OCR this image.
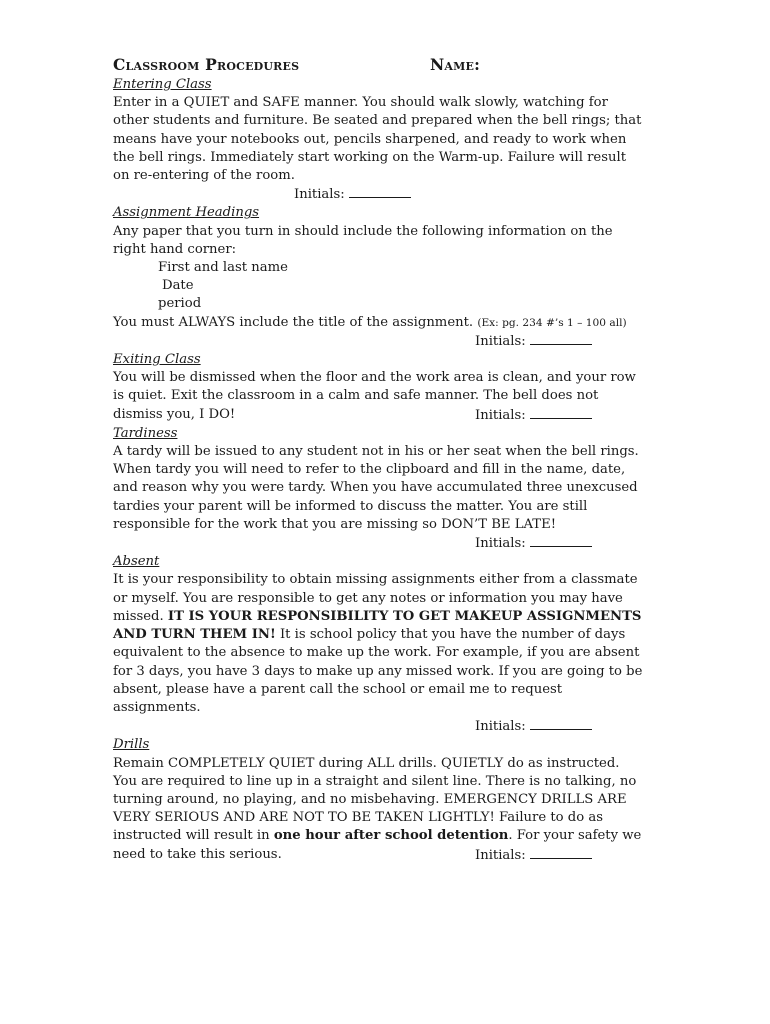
Classroom Procedures	Name:
Entering Class

Enter in a QUIET and SAFE manner. You should walk slowly, watching for other students and furniture. Be seated and prepared when the bell rings; that means have your notebooks out, pencils sharpened, and ready to work when the bell rings. Immediately start working on the Warm-up. Failure will result on re-entering of the room.

Initials:
Assignment Headings

Any paper that you turn in should include the following information on the right hand corner:

First and last name
Date
period

You must ALWAYS include the title of the assignment. (Ex: pg. 234 #’s 1 – 100 all)

Initials:
Exiting Class

You will be dismissed when the floor and the work area is clean, and your row is quiet. Exit the classroom in a calm and safe manner. The bell does not

dismiss you, I DO!	Initials:
Tardiness

A tardy will be issued to any student not in his or her seat when the bell rings. When tardy you will need to refer to the clipboard and fill in the name, date, and reason why you were tardy. When you have accumulated three unexcused tardies your parent will be informed to discuss the matter. You are still responsible for the work that you are missing so DON’T BE LATE!

Initials:
Absent

It is your responsibility to obtain missing assignments either from a classmate or myself. You are responsible to get any notes or information you may have missed. IT IS YOUR RESPONSIBILITY TO GET MAKEUP ASSIGNMENTS AND TURN THEM IN! It is school policy that you have the number of days equivalent to the absence to make up the work. For example, if you are absent for 3 days, you have 3 days to make up any missed work. If you are going to be absent, please have a parent call the school or email me to request assignments.

Initials:
Drills

Remain COMPLETELY QUIET during ALL drills. QUIETLY do as instructed. You are required to line up in a straight and silent line. There is no talking, no turning around, no playing, and no misbehaving. EMERGENCY DRILLS ARE VERY SERIOUS AND ARE NOT TO BE TAKEN LIGHTLY! Failure to do as instructed will result in one hour after school detention. For your safety we

need to take this serious.	Initials:
